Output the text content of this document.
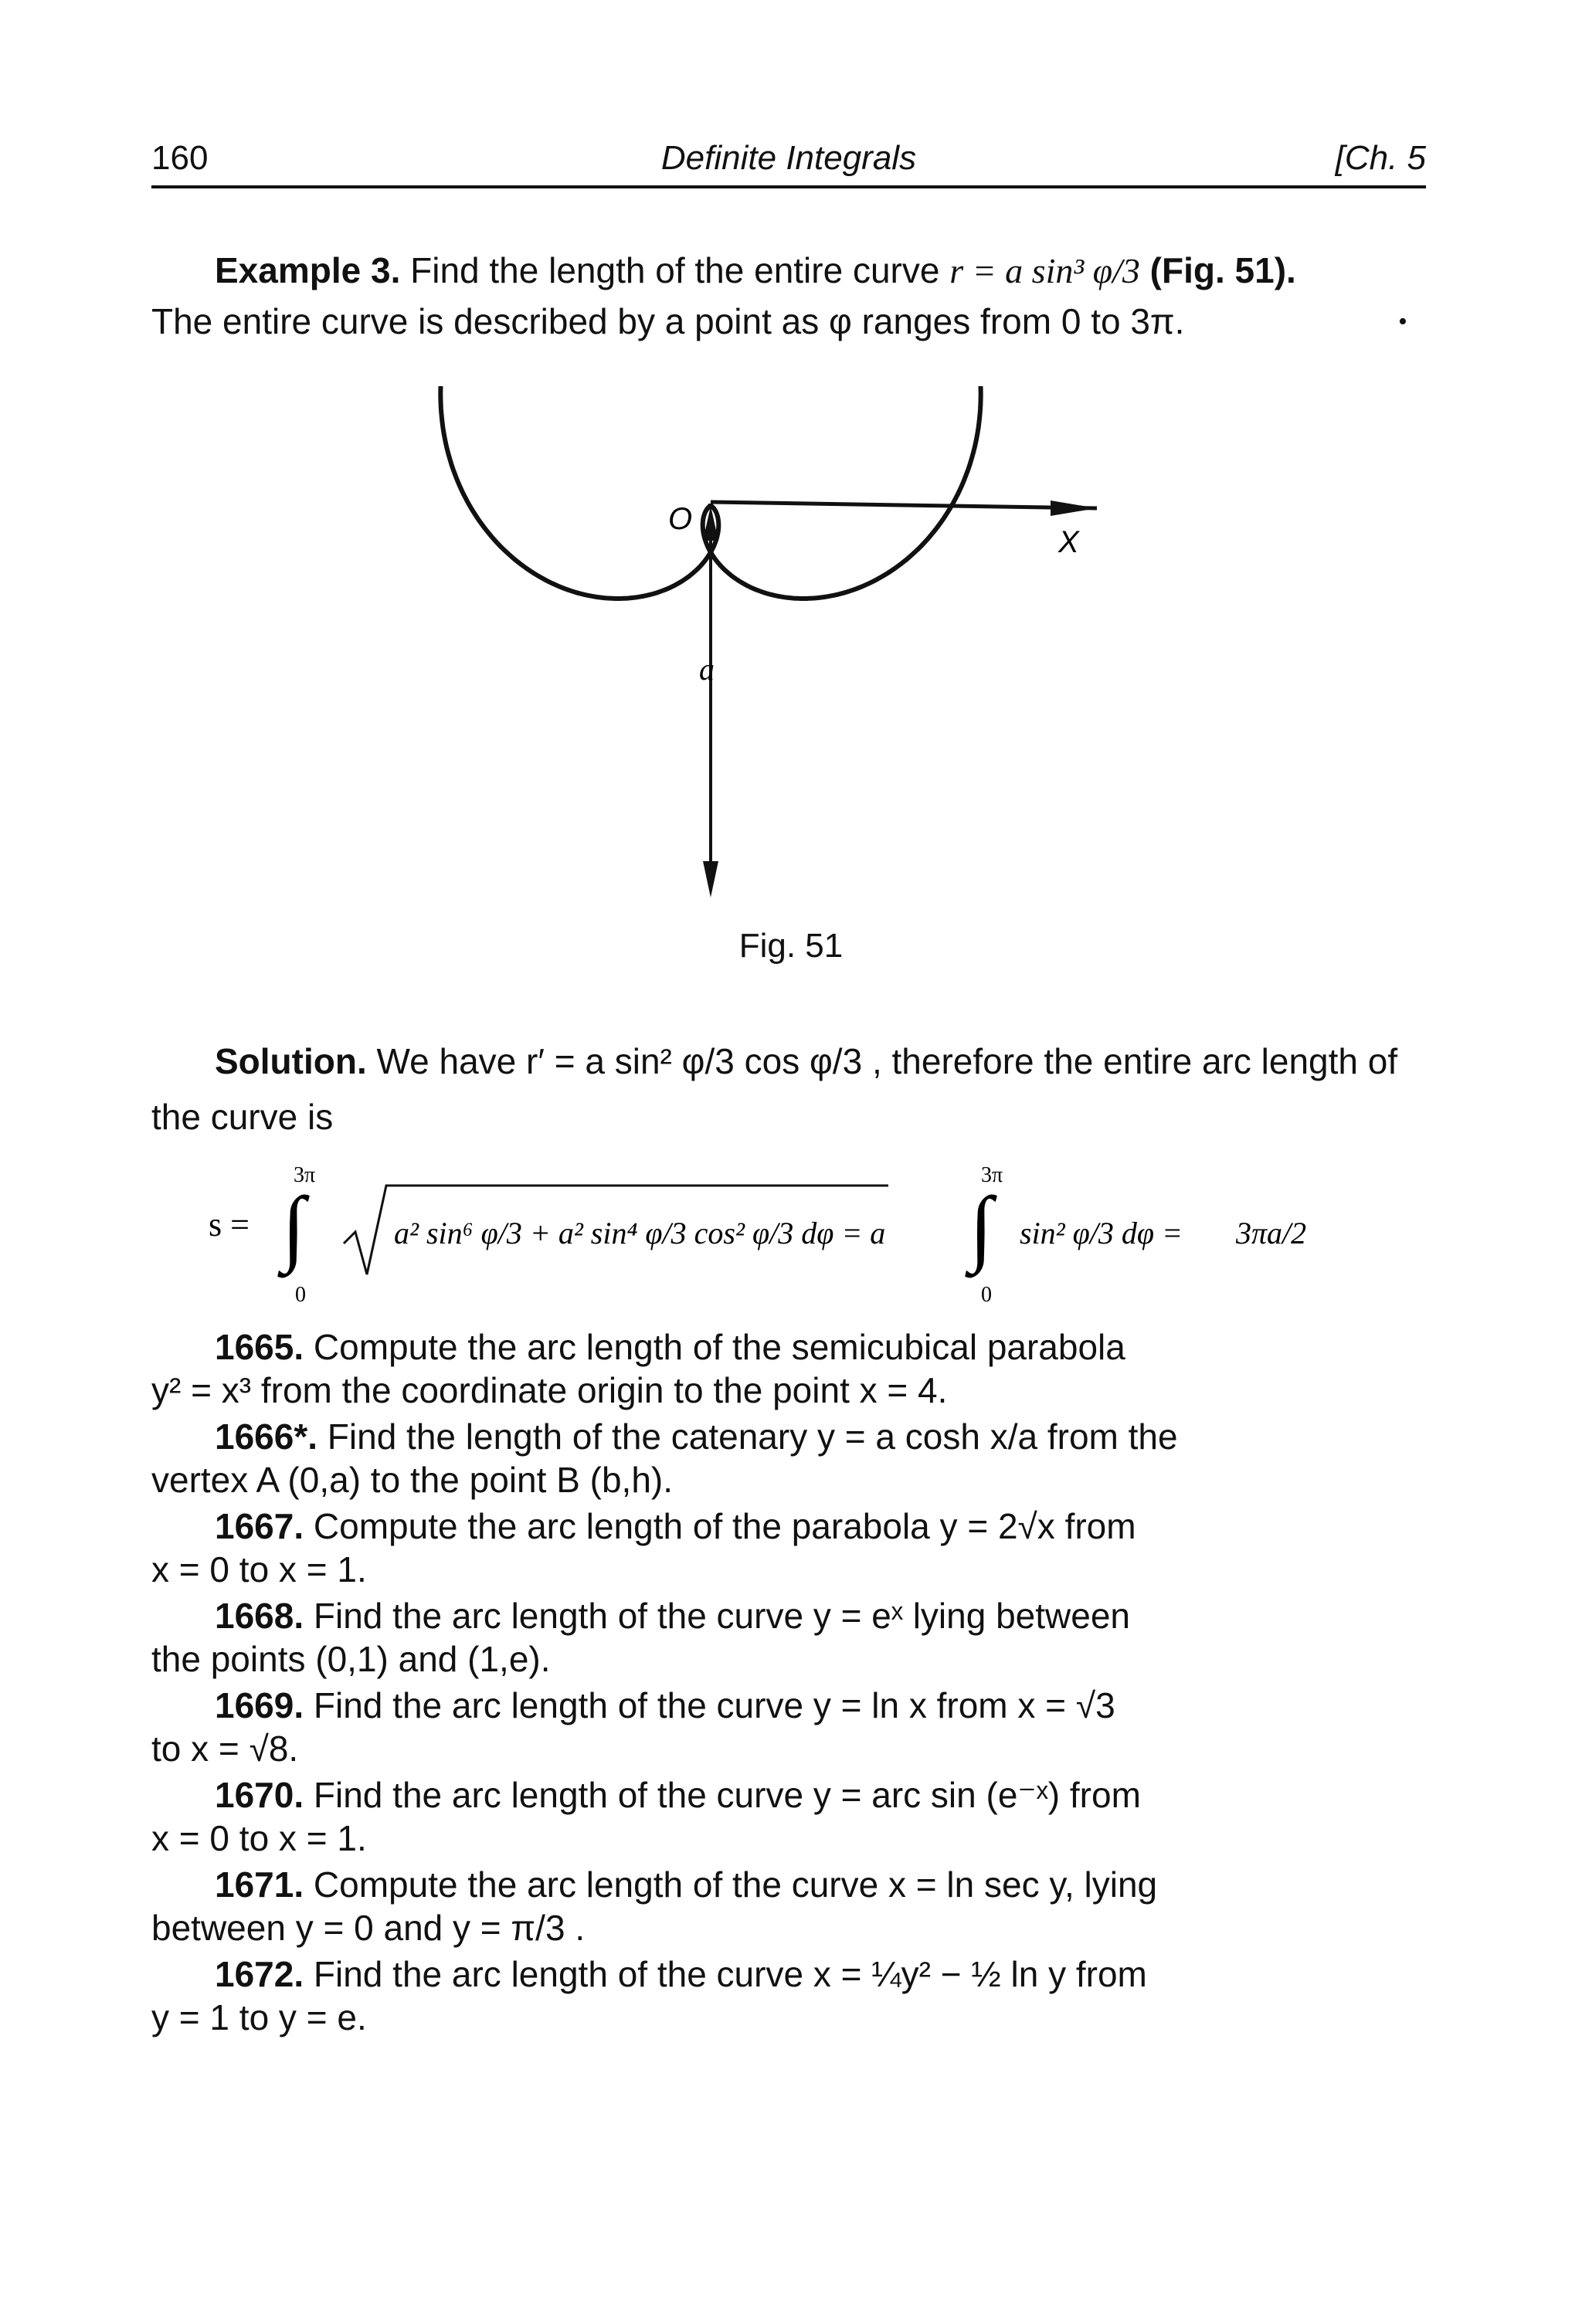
160	Definite Integrals	[Ch. 5
Example 3. Find the length of the entire curve r = a sin³ φ/3 (Fig. 51).
The entire curve is described by a point as φ ranges from 0 to 3π.	•
O
X
a
Fig. 51
Solution. We have r′ = a sin² φ/3 cos φ/3 , therefore the entire arc length of
the curve is
s =
3π
0
∫	a² sin⁶ φ/3 + a² sin⁴ φ/3 cos² φ/3 dφ = a
3π
0
∫ sin² φ/3 dφ = 3πa/2
1665. Compute the arc length of the semicubical parabola
y² = x³ from the coordinate origin to the point x = 4.
1666*. Find the length of the catenary y = a cosh x/a from the
vertex A (0,a) to the point B (b,h).
1667. Compute the arc length of the parabola y = 2√x from
x = 0 to x = 1.
1668. Find the arc length of the curve y = eˣ lying between
the points (0,1) and (1,e).
1669. Find the arc length of the curve y = ln x from x = √3
to x = √8.
1670. Find the arc length of the curve y = arc sin (e⁻ˣ) from
x = 0 to x = 1.
1671. Compute the arc length of the curve x = ln sec y, lying
between y = 0 and y = π/3 .
1672. Find the arc length of the curve x = ¼y² − ½ ln y from
y = 1 to y = e.
